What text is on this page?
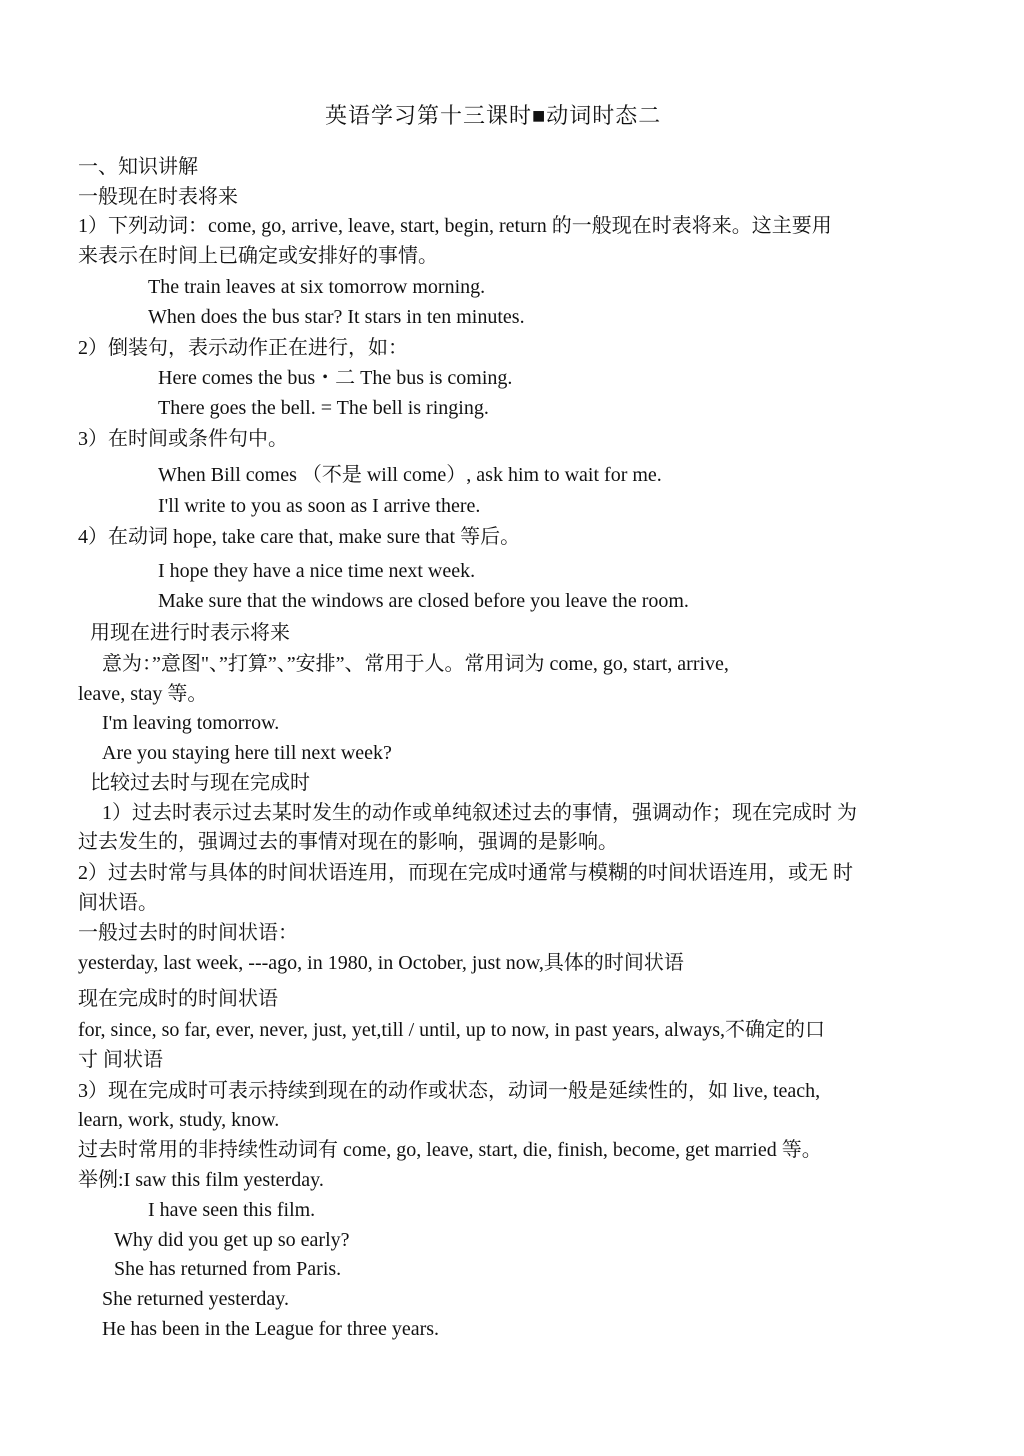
英语学习第十三课时■动词时态二
一、知识讲解
一般现在时表将来
1）下列动词：come, go, arrive, leave, start, begin, return 的一般现在时表将来。这主要用
来表示在时间上已确定或安排好的事情。
The train leaves at six tomorrow morning.
When does the bus star? It stars in ten minutes.
2）倒装句，表示动作正在进行，如：
Here comes the bus・二 The bus is coming.
There goes the bell. = The bell is ringing.
3）在时间或条件句中。
When Bill comes （不是 will come）, ask him to wait for me.
I'll write to you as soon as I arrive there.
4）在动词 hope, take care that, make sure that 等后。
I hope they have a nice time next week.
Make sure that the windows are closed before you leave the room.
用现在进行时表示将来
意为：”意图"、”打算”、”安排”、常用于人。常用词为 come, go, start, arrive,
leave, stay 等。
I'm leaving tomorrow.
Are you staying here till next week?
比较过去时与现在完成时
1）过去时表示过去某时发生的动作或单纯叙述过去的事情，强调动作；现在完成时 为
过去发生的，强调过去的事情对现在的影响，强调的是影响。
2）过去时常与具体的时间状语连用，而现在完成吋通常与模糊的吋间状语连用，或无 时
间状语。
一般过去时的时间状语：
yesterday, last week, ---ago, in 1980, in October, just now,具体的时间状语
现在完成时的时间状语
for, since, so far, ever, never, just, yet,till / until, up to now, in past years, always,不确定的口
寸 间状语
3）现在完成时可表示持续到现在的动作或状态，动词一般是延续性的，如 live, teach,
learn, work, study, know.
过去时常用的非持续性动词有 come, go, leave, start, die, finish, become, get married 等。
举例:I saw this film yesterday.
I have seen this film.
Why did you get up so early?
She has returned from Paris.
She returned yesterday.
He has been in the League for three years.
